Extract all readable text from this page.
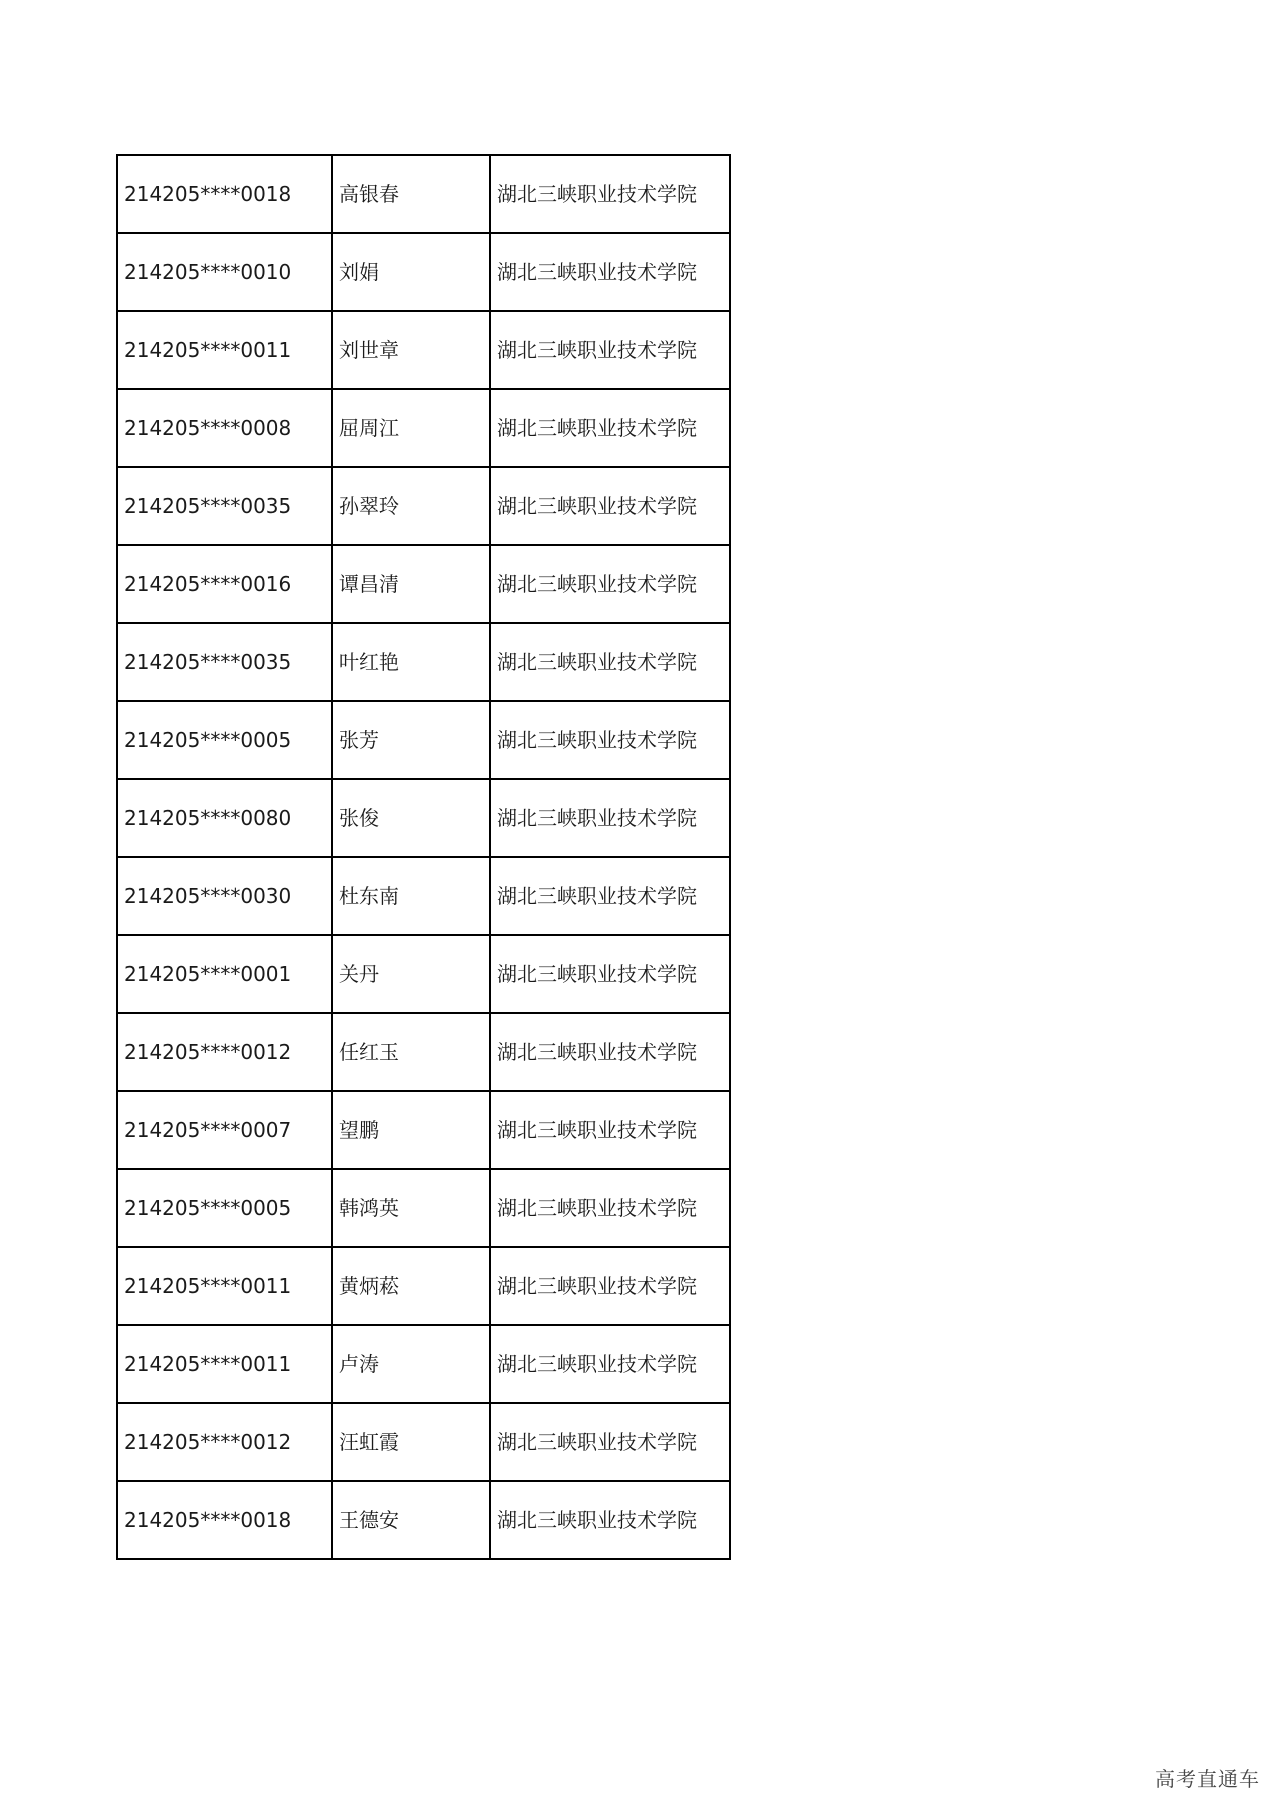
214205****0018	高银春	湖北三峡职业技术学院
214205****0010	刘娟	湖北三峡职业技术学院
214205****0011	刘世章	湖北三峡职业技术学院
214205****0008	屈周江	湖北三峡职业技术学院
214205****0035	孙翠玲	湖北三峡职业技术学院
214205****0016	谭昌清	湖北三峡职业技术学院
214205****0035	叶红艳	湖北三峡职业技术学院
214205****0005	张芳	湖北三峡职业技术学院
214205****0080	张俊	湖北三峡职业技术学院
214205****0030	杜东南	湖北三峡职业技术学院
214205****0001	关丹	湖北三峡职业技术学院
214205****0012	任红玉	湖北三峡职业技术学院
214205****0007	望鹏	湖北三峡职业技术学院
214205****0005	韩鸿英	湖北三峡职业技术学院
214205****0011	黄炳菘	湖北三峡职业技术学院
214205****0011	卢涛	湖北三峡职业技术学院
214205****0012	汪虹霞	湖北三峡职业技术学院
214205****0018	王德安	湖北三峡职业技术学院
高考直通车
